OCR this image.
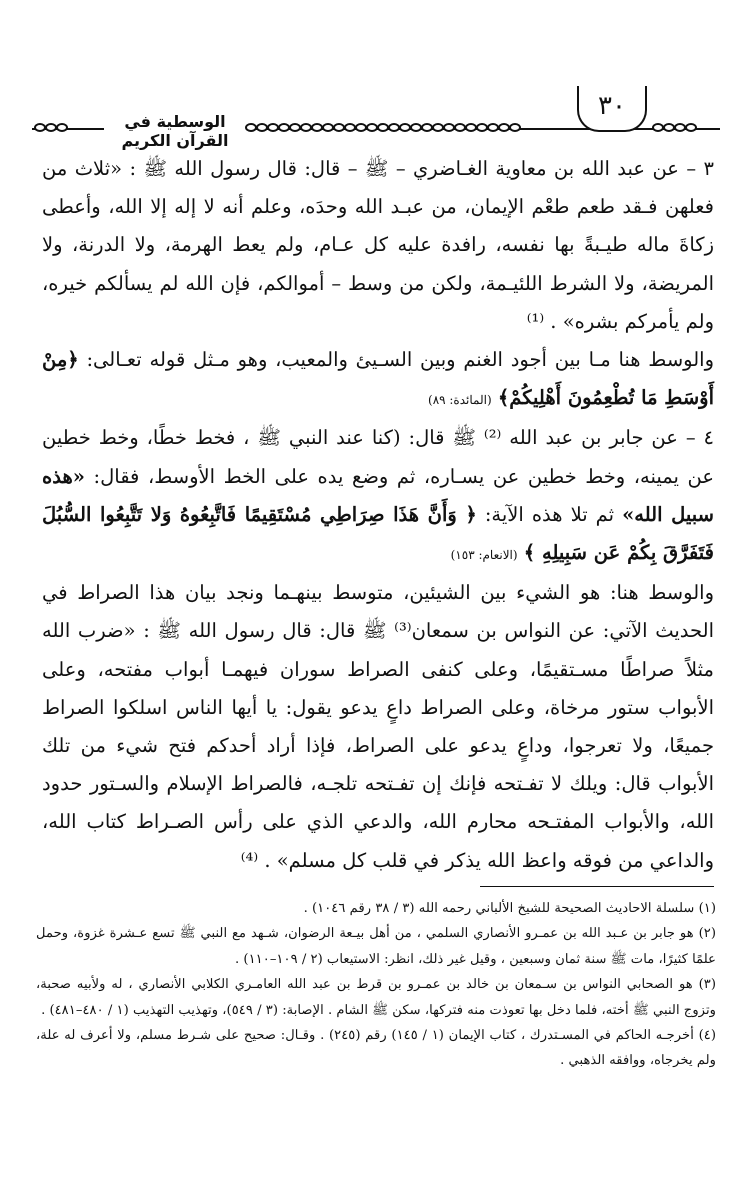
الوسطية في القرآن الكريم
٣٠

٣ – عن عبد الله بن معاوية الغـاضري – ﷺ – قال: قال رسول الله ﷺ : «ثلاث من فعلهن فـقد طعم طعْم الإيمان، من عبـد الله وحدَه، وعلم أنه لا إله إلا الله، وأعطى زكاةَ ماله طيـبةً بها نفسه، رافدة عليه كل عـام، ولم يعط الهرمة، ولا الدرنة، ولا المريضة، ولا الشرط اللئيـمة، ولكن من وسط – أموالكم، فإن الله لم يسألكم خيره، ولم يأمركم بشره» . ⁽¹⁾

والوسط هنا مـا بين أجود الغنم وبين السـيئ والمعيب، وهو مـثل قوله تعـالى: ﴿مِنْ أَوْسَطِ مَا تُطْعِمُونَ أَهْلِيكُمْ﴾ (المائدة: ٨٩)

٤ – عن جابر بن عبد الله ⁽²⁾ ﷺ قال: (كنا عند النبي ﷺ ، فخط خطًا، وخط خطين عن يمينه، وخط خطين عن يسـاره، ثم وضع يده على الخط الأوسط، فقال: «هذه سبيل الله» ثم تلا هذه الآية: ﴿ وَأَنَّ هَذَا صِرَاطِي مُسْتَقِيمًا فَاتَّبِعُوهُ وَلا تَتَّبِعُوا السُّبُلَ فَتَفَرَّقَ بِكُمْ عَن سَبِيلِهِ ﴾ (الانعام: ١٥٣)

والوسط هنا: هو الشيء بين الشيئين، متوسط بينهـما ونجد بيان هذا الصراط في الحديث الآتي: عن النواس بن سمعان⁽³⁾ ﷺ قال: قال رسول الله ﷺ : «ضرب الله مثلاً صراطًا مسـتقيمًا، وعلى كنفى الصراط سوران فيهمـا أبواب مفتحه، وعلى الأبواب ستور مرخاة، وعلى الصراط داعٍ يدعو يقول: يا أيها الناس اسلكوا الصراط جميعًا، ولا تعرجوا، وداعٍ يدعو على الصراط، فإذا أراد أحدكم فتح شيء من تلك الأبواب قال: ويلك لا تفـتحه فإنك إن تفـتحه تلجـه، فالصراط الإسلام والسـتور حدود الله، والأبواب المفتـحه محارم الله، والدعي الذي على رأس الصـراط كتاب الله، والداعي من فوقه واعظ الله يذكر في قلب كل مسلم» . ⁽⁴⁾

(١) سلسلة الاحاديث الصحيحة للشيخ الألباني رحمه الله (٣ / ٣٨ رقم ١٠٤٦) .

(٢) هو جابر بن عـبد الله بن عمـرو الأنصاري السلمي ، من أهل بيـعة الرضوان، شـهد مع النبي ﷺ تسع عـشرة غزوة، وحمل علمًا كثيرًا، مات ﷺ سنة ثمان وسبعين ، وقيل غير ذلك، انظر: الاستيعاب (٢ / ١٠٩–١١٠) .

(٣) هو الصحابي النواس بن سـمعان بن خالد بن عمـرو بن قرط بن عبد الله العامـري الكلابي الأنصاري ، له ولأبيه صحبة، وتزوج النبي ﷺ أخته، فلما دخل بها تعوذت منه فتركها، سكن ﷺ الشام . الإصابة: (٣ / ٥٤٩)، وتهذيب التهذيب (١ / ٤٨٠–٤٨١) .

(٤) أخرجـه الحاكم في المسـتدرك ، كتاب الإيمان (١ / ١٤٥) رقم (٢٤٥) . وقـال: صحيح على شـرط مسلم، ولا أعرف له علة، ولم يخرجاه، ووافقه الذهبي .
